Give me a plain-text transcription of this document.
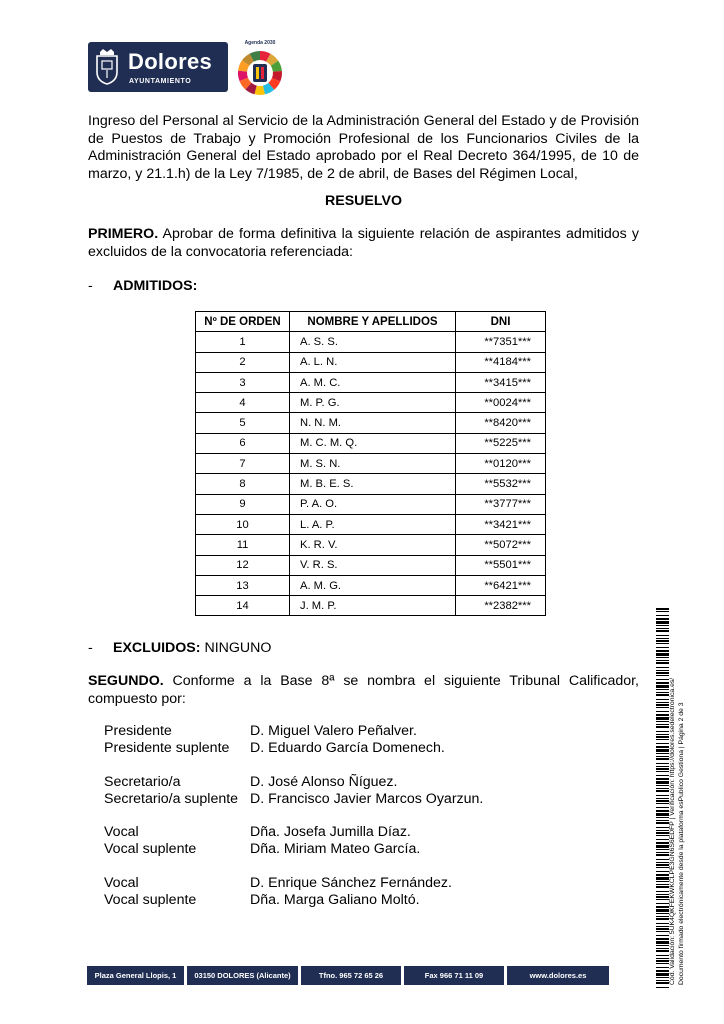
Dolores
AYUNTAMIENTO
Agenda 2030
Ingreso del Personal al Servicio de la Administración General del Estado y de Provisión de Puestos de Trabajo y Promoción Profesional de los Funcionarios Civiles de la Administración General del Estado aprobado por el Real Decreto 364/1995, de 10 de marzo, y 21.1.h) de la Ley 7/1985, de 2 de abril, de Bases del Régimen Local,
RESUELVO
PRIMERO. Aprobar de forma definitiva la siguiente relación de aspirantes admitidos y excluidos de la convocatoria referenciada:
- ADMITIDOS:
Nº DE ORDEN	NOMBRE Y APELLIDOS	DNI
1	A. S. S.	**7351***
2	A. L. N.	**4184***
3	A. M. C.	**3415***
4	M. P. G.	**0024***
5	N. N. M.	**8420***
6	M. C. M. Q.	**5225***
7	M. S. N.	**0120***
8	M. B. E. S.	**5532***
9	P. A. O.	**3777***
10	L. A. P.	**3421***
11	K. R. V.	**5072***
12	V. R. S.	**5501***
13	A. M. G.	**6421***
14	J. M. P.	**2382***
- EXCLUIDOS: NINGUNO
SEGUNDO. Conforme a la Base 8ª se nombra el siguiente Tribunal Calificador, compuesto por:
Presidente	D. Miguel Valero Peñalver.
Presidente suplente D. Eduardo García Domenech.
Secretario/a	D. José Alonso Ñíguez.
Secretario/a suplente D. Francisco Javier Marcos Oyarzun.
Vocal	Dña. Josefa Jumilla Díaz.
Vocal suplente	Dña. Miriam Mateo García.
Vocal	D. Enrique Sánchez Fernández.
Vocal suplente	Dña. Marga Galiano Moltó.
Plaza General Llopis, 1	03150 DOLORES (Alicante)	Tfno. 965 72 65 26	Fax 966 71 11 09	www.dolores.es	Cód. Validación: 5UK4QKFEKWKCLPE3GN6S6EDFP | Verificación: https://dolores.sedelectronica.es/ Documento firmado electrónicamente desde la plataforma esPublico Gestiona | Página 2 de 3
